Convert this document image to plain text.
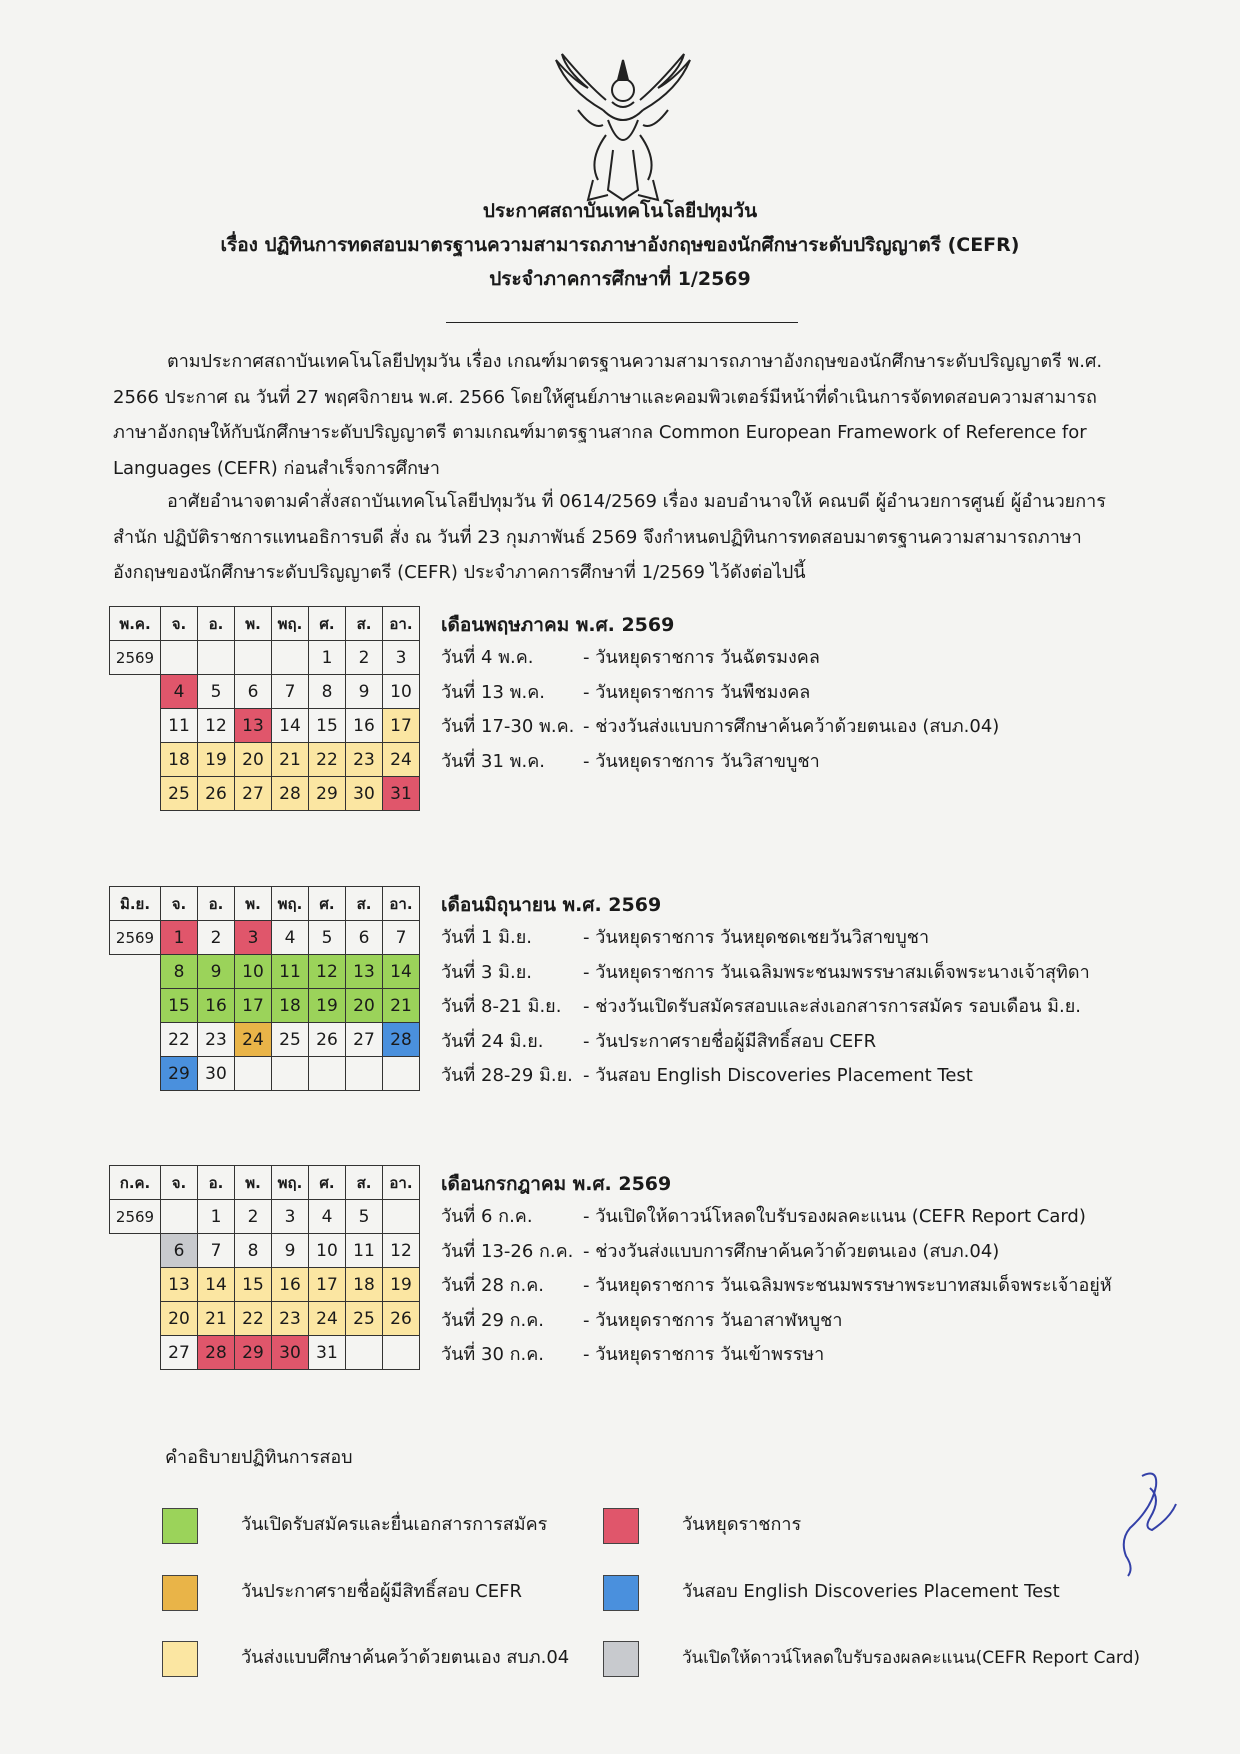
ประกาศสถาบันเทคโนโลยีปทุมวัน
เรื่อง ปฏิทินการทดสอบมาตรฐานความสามารถภาษาอังกฤษของนักศึกษาระดับปริญญาตรี (CEFR)
ประจำภาคการศึกษาที่ 1/2569

ตามประกาศสถาบันเทคโนโลยีปทุมวัน เรื่อง เกณฑ์มาตรฐานความสามารถภาษาอังกฤษของนักศึกษาระดับปริญญาตรี พ.ศ. 2566 ประกาศ ณ วันที่ 27 พฤศจิกายน พ.ศ. 2566 โดยให้ศูนย์ภาษาและคอมพิวเตอร์มีหน้าที่ดำเนินการจัดทดสอบความสามารถภาษาอังกฤษให้กับนักศึกษาระดับปริญญาตรี ตามเกณฑ์มาตรฐานสากล Common European Framework of Reference for Languages (CEFR) ก่อนสำเร็จการศึกษา

อาศัยอำนาจตามคำสั่งสถาบันเทคโนโลยีปทุมวัน ที่ 0614/2569 เรื่อง มอบอำนาจให้ คณบดี ผู้อำนวยการศูนย์ ผู้อำนวยการสำนัก ปฏิบัติราชการแทนอธิการบดี สั่ง ณ วันที่ 23 กุมภาพันธ์ 2569 จึงกำหนดปฏิทินการทดสอบมาตรฐานความสามารถภาษาอังกฤษของนักศึกษาระดับปริญญาตรี (CEFR) ประจำภาคการศึกษาที่ 1/2569 ไว้ดังต่อไปนี้

พ.ค.	จ.	อ.	พ.	พฤ.	ศ.	ส.	อา.
2569					1	2	3
	4	5	6	7	8	9	10
	11	12	13	14	15	16	17
	18	19	20	21	22	23	24
	25	26	27	28	29	30	31
เดือนพฤษภาคม พ.ศ. 2569
วันที่ 4 พ.ค.	- วันหยุดราชการ วันฉัตรมงคล
วันที่ 13 พ.ค. - วันหยุดราชการ วันพืชมงคล
วันที่ 17-30 พ.ค. - ช่วงวันส่งแบบการศึกษาค้นคว้าด้วยตนเอง (สบภ.04)
วันที่ 31 พ.ค. - วันหยุดราชการ วันวิสาขบูชา
มิ.ย.	จ.	อ.	พ.	พฤ.	ศ.	ส.	อา.
2569	1	2	3	4	5	6	7
	8	9	10	11	12	13	14
	15	16	17	18	19	20	21
	22	23	24	25	26	27	28
	29	30					
เดือนมิถุนายน พ.ศ. 2569
วันที่ 1 มิ.ย.	- วันหยุดราชการ วันหยุดชดเชยวันวิสาขบูชา
วันที่ 3 มิ.ย.	- วันหยุดราชการ วันเฉลิมพระชนมพรรษาสมเด็จพระนางเจ้าสุทิดา
วันที่ 8-21 มิ.ย. - ช่วงวันเปิดรับสมัครสอบและส่งเอกสารการสมัคร รอบเดือน มิ.ย.
วันที่ 24 มิ.ย. - วันประกาศรายชื่อผู้มีสิทธิ์สอบ CEFR
วันที่ 28-29 มิ.ย. - วันสอบ English Discoveries Placement Test
ก.ค.	จ.	อ.	พ.	พฤ.	ศ.	ส.	อา.
2569		1	2	3	4	5	
	6	7	8	9	10	11	12
	13	14	15	16	17	18	19
	20	21	22	23	24	25	26
	27	28	29	30	31		
เดือนกรกฎาคม พ.ศ. 2569
วันที่ 6 ก.ค.	- วันเปิดให้ดาวน์โหลดใบรับรองผลคะแนน (CEFR Report Card)
วันที่ 13-26 ก.ค. - ช่วงวันส่งแบบการศึกษาค้นคว้าด้วยตนเอง (สบภ.04)
วันที่ 28 ก.ค. - วันหยุดราชการ วันเฉลิมพระชนมพรรษาพระบาทสมเด็จพระเจ้าอยู่หั
วันที่ 29 ก.ค. - วันหยุดราชการ วันอาสาฬหบูชา
วันที่ 30 ก.ค. - วันหยุดราชการ วันเข้าพรรษา
คำอธิบายปฏิทินการสอบ
วันเปิดรับสมัครและยื่นเอกสารการสมัคร	วันหยุดราชการ
วันประกาศรายชื่อผู้มีสิทธิ์สอบ CEFR	วันสอบ English Discoveries Placement Test
วันส่งแบบศึกษาค้นคว้าด้วยตนเอง สบภ.04	วันเปิดให้ดาวน์โหลดใบรับรองผลคะแนน(CEFR Report Card)
